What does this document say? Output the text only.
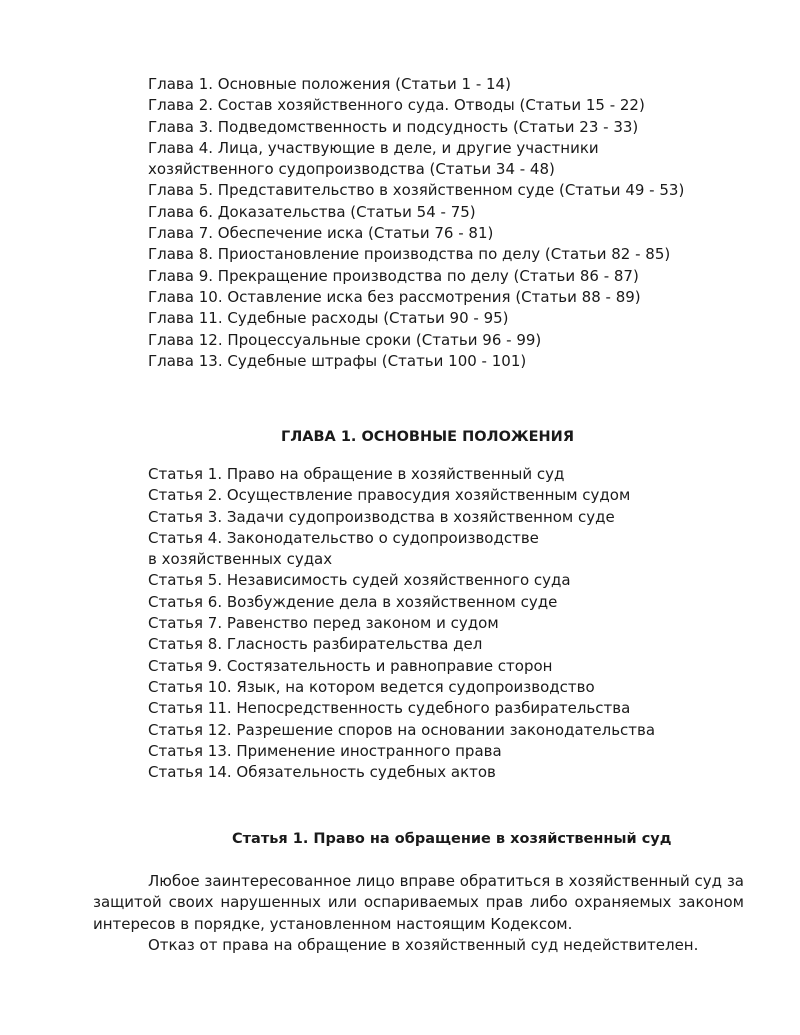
Глава 1. Основные положения (Статьи 1 - 14)
Глава 2. Состав хозяйственного суда. Отводы (Статьи 15 - 22)
Глава 3. Подведомственность и подсудность (Статьи 23 - 33)
Глава 4. Лица, участвующие в деле, и другие участники
хозяйственного судопроизводства (Статьи 34 - 48)
Глава 5. Представительство в хозяйственном суде (Статьи 49 - 53)
Глава 6. Доказательства (Статьи 54 - 75)
Глава 7. Обеспечение иска (Статьи 76 - 81)
Глава 8. Приостановление производства по делу (Статьи 82 - 85)
Глава 9. Прекращение производства по делу (Статьи 86 - 87)
Глава 10. Оставление иска без рассмотрения (Статьи 88 - 89)
Глава 11. Судебные расходы (Статьи 90 - 95)
Глава 12. Процессуальные сроки (Статьи 96 - 99)
Глава 13. Судебные штрафы (Статьи 100 - 101)
ГЛАВА 1. ОСНОВНЫЕ ПОЛОЖЕНИЯ
Статья 1. Право на обращение в хозяйственный суд
Статья 2. Осуществление правосудия хозяйственным судом
Статья 3. Задачи судопроизводства в хозяйственном суде
Статья 4. Законодательство о судопроизводстве
в хозяйственных судах
Статья 5. Независимость судей хозяйственного суда
Статья 6. Возбуждение дела в хозяйственном суде
Статья 7. Равенство перед законом и судом
Статья 8. Гласность разбирательства дел
Статья 9. Состязательность и равноправие сторон
Статья 10. Язык, на котором ведется судопроизводство
Статья 11. Непосредственность судебного разбирательства
Статья 12. Разрешение споров на основании законодательства
Статья 13. Применение иностранного права
Статья 14. Обязательность судебных актов
Статья 1. Право на обращение в хозяйственный суд

Любое заинтересованное лицо вправе обратиться в хозяйственный суд за защитой своих нарушенных или оспариваемых прав либо охраняемых законом интересов в порядке, установленном настоящим Кодексом.

Отказ от права на обращение в хозяйственный суд недействителен.
